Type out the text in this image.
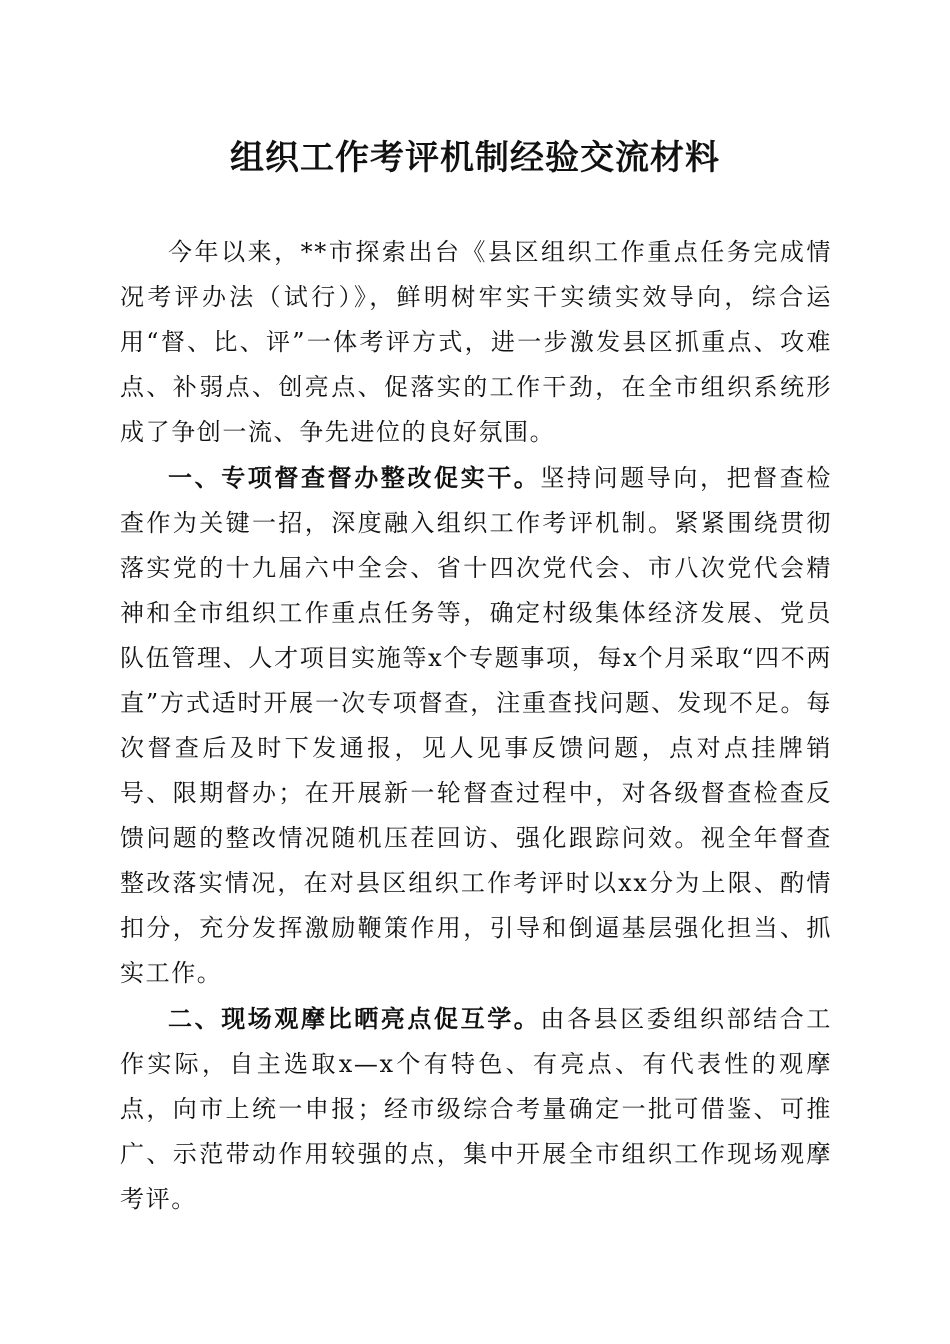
组织工作考评机制经验交流材料

今年以来，**市探索出台《县区组织工作重点任务完成情况考评办法（试行）》，鲜明树牢实干实绩实效导向，综合运用“督、比、评”一体考评方式，进一步激发县区抓重点、攻难点、补弱点、创亮点、促落实的工作干劲，在全市组织系统形成了争创一流、争先进位的良好氛围。

一、专项督查督办整改促实干。坚持问题导向，把督查检查作为关键一招，深度融入组织工作考评机制。紧紧围绕贯彻落实党的十九届六中全会、省十四次党代会、市八次党代会精神和全市组织工作重点任务等，确定村级集体经济发展、党员队伍管理、人才项目实施等x个专题事项，每x个月采取“四不两直”方式适时开展一次专项督查，注重查找问题、发现不足。每次督查后及时下发通报，见人见事反馈问题，点对点挂牌销号、限期督办；在开展新一轮督查过程中，对各级督查检查反馈问题的整改情况随机压茬回访、强化跟踪问效。视全年督查整改落实情况，在对县区组织工作考评时以xx分为上限、酌情扣分，充分发挥激励鞭策作用，引导和倒逼基层强化担当、抓实工作。

二、现场观摩比晒亮点促互学。由各县区委组织部结合工作实际，自主选取x—x个有特色、有亮点、有代表性的观摩点，向市上统一申报；经市级综合考量确定一批可借鉴、可推广、示范带动作用较强的点，集中开展全市组织工作现场观摩考评。
